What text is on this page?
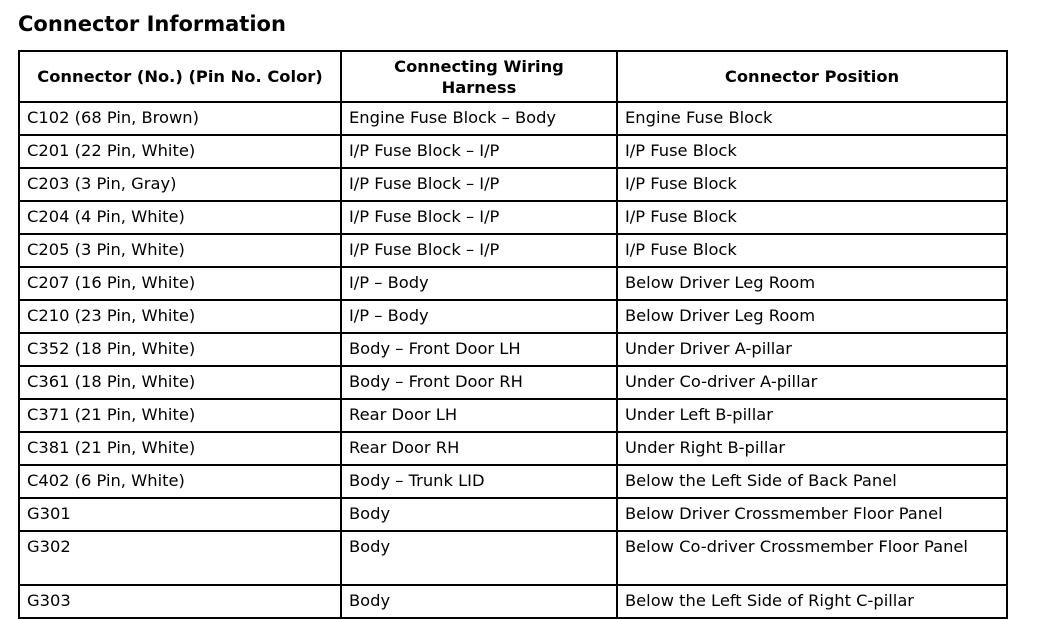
Connector Information
Connector (No.) (Pin No. Color)	Connecting Wiring Harness	Connector Position
C102 (68 Pin, Brown)	Engine Fuse Block – Body	Engine Fuse Block
C201 (22 Pin, White)	I/P Fuse Block – I/P	I/P Fuse Block
C203 (3 Pin, Gray)	I/P Fuse Block – I/P	I/P Fuse Block
C204 (4 Pin, White)	I/P Fuse Block – I/P	I/P Fuse Block
C205 (3 Pin, White)	I/P Fuse Block – I/P	I/P Fuse Block
C207 (16 Pin, White)	I/P – Body	Below Driver Leg Room
C210 (23 Pin, White)	I/P – Body	Below Driver Leg Room
C352 (18 Pin, White)	Body – Front Door LH	Under Driver A-pillar
C361 (18 Pin, White)	Body – Front Door RH	Under Co-driver A-pillar
C371 (21 Pin, White)	Rear Door LH	Under Left B-pillar
C381 (21 Pin, White)	Rear Door RH	Under Right B-pillar
C402 (6 Pin, White)	Body – Trunk LID	Below the Left Side of Back Panel
G301	Body	Below Driver Crossmember Floor Panel
G302	Body	Below Co-driver Crossmember Floor Panel
G303	Body	Below the Left Side of Right C-pillar
